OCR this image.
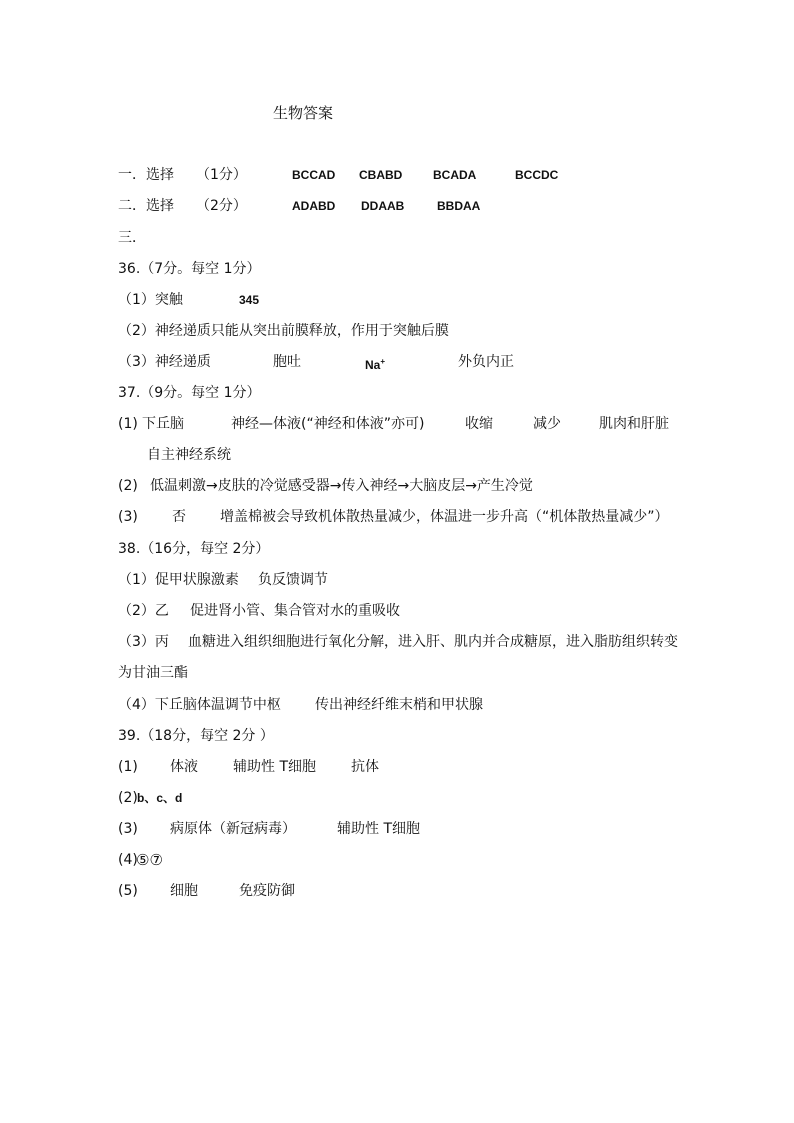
生物答案
一．选择 （1分）	BCCAD CBABD	BCADA	BCCDC
二．选择 （2分）	ADABD DDAAB	BBDAA
三．
36.（7分。每空 1分）
（1）突触	345
（2）神经递质只能从突出前膜释放，作用于突触后膜
（3）神经递质	胞吐	Na+	外负内正
37.（9分。每空 1分）
(1) 下丘脑	神经—体液(“神经和体液”亦可)	收缩	减少	肌肉和肝脏
自主神经系统
(2) 低温刺激→皮肤的冷觉感受器→传入神经→大脑皮层→产生冷觉
(3) 否 增盖棉被会导致机体散热量减少，体温进一步升高（“机体散热量减少”）
38.（16分，每空 2分）
（1）促甲状腺激素 负反馈调节
（2）乙 促进肾小管、集合管对水的重吸收
（3）丙 血糖进入组织细胞进行氧化分解，进入肝、肌内并合成糖原，进入脂肪组织转变
为甘油三酯
（4）下丘脑体温调节中枢 传出神经纤维末梢和甲状腺
39.（18分，每空 2分 ）
(1) 体液	辅助性 T细胞 抗体
(2) b、c、d
(3) 病原体（新冠病毒）	辅助性 T细胞
(4)
⑤⑦
(5) 细胞	免疫防御
